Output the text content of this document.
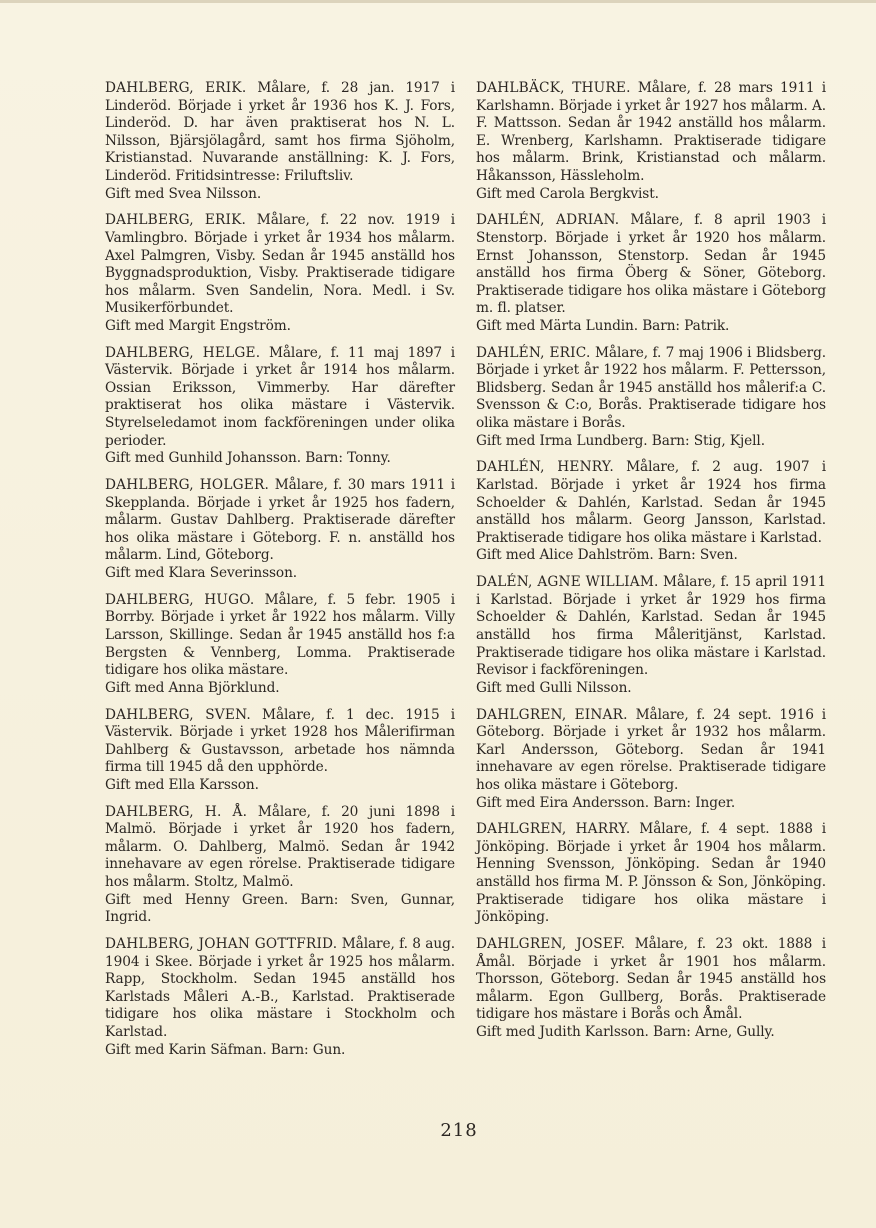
DAHLBERG, ERIK. Målare, f. 28 jan. 1917 i Linderöd. Började i yrket år 1936 hos K. J. Fors, Linderöd. D. har även praktiserat hos N. L. Nilsson, Bjärsjölagård, samt hos firma Sjöholm, Kristianstad. Nuvarande anställning: K. J. Fors, Linderöd. Fritidsintresse: Friluftsliv.

Gift med Svea Nilsson.

DAHLBERG, ERIK. Målare, f. 22 nov. 1919 i Vamlingbro. Började i yrket år 1934 hos målarm. Axel Palmgren, Visby. Sedan år 1945 anställd hos Byggnadsproduktion, Visby. Praktiserade tidigare hos målarm. Sven Sandelin, Nora. Medl. i Sv. Musikerförbundet.

Gift med Margit Engström.

DAHLBERG, HELGE. Målare, f. 11 maj 1897 i Västervik. Började i yrket år 1914 hos målarm. Ossian Eriksson, Vimmerby. Har därefter praktiserat hos olika mästare i Västervik. Styrelseledamot inom fackföreningen under olika perioder.

Gift med Gunhild Johansson. Barn: Tonny.

DAHLBERG, HOLGER. Målare, f. 30 mars 1911 i Skepplanda. Började i yrket år 1925 hos fadern, målarm. Gustav Dahlberg. Praktiserade därefter hos olika mästare i Göteborg. F. n. anställd hos målarm. Lind, Göteborg.

Gift med Klara Severinsson.

DAHLBERG, HUGO. Målare, f. 5 febr. 1905 i Borrby. Började i yrket år 1922 hos målarm. Villy Larsson, Skillinge. Sedan år 1945 anställd hos f:a Bergsten & Vennberg, Lomma. Praktiserade tidigare hos olika mästare.

Gift med Anna Björklund.

DAHLBERG, SVEN. Målare, f. 1 dec. 1915 i Västervik. Började i yrket 1928 hos Målerifirman Dahlberg & Gustavsson, arbetade hos nämnda firma till 1945 då den upphörde.

Gift med Ella Karsson.

DAHLBERG, H. Å. Målare, f. 20 juni 1898 i Malmö. Började i yrket år 1920 hos fadern, målarm. O. Dahlberg, Malmö. Sedan år 1942 innehavare av egen rörelse. Praktiserade tidigare hos målarm. Stoltz, Malmö.

Gift med Henny Green. Barn: Sven, Gunnar, Ingrid.

DAHLBERG, JOHAN GOTTFRID. Målare, f. 8 aug. 1904 i Skee. Började i yrket år 1925 hos målarm. Rapp, Stockholm. Sedan 1945 anställd hos Karlstads Måleri A.-B., Karlstad. Praktiserade tidigare hos olika mästare i Stockholm och Karlstad.

Gift med Karin Säfman. Barn: Gun.

DAHLBÄCK, THURE. Målare, f. 28 mars 1911 i Karlshamn. Började i yrket år 1927 hos målarm. A. F. Mattsson. Sedan år 1942 anställd hos målarm. E. Wrenberg, Karlshamn. Praktiserade tidigare hos målarm. Brink, Kristianstad och målarm. Håkansson, Hässleholm.

Gift med Carola Bergkvist.

DAHLÉN, ADRIAN. Målare, f. 8 april 1903 i Stenstorp. Började i yrket år 1920 hos målarm. Ernst Johansson, Stenstorp. Sedan år 1945 anställd hos firma Öberg & Söner, Göteborg. Praktiserade tidigare hos olika mästare i Göteborg m. fl. platser.

Gift med Märta Lundin. Barn: Patrik.

DAHLÉN, ERIC. Målare, f. 7 maj 1906 i Blidsberg. Började i yrket år 1922 hos målarm. F. Pettersson, Blidsberg. Sedan år 1945 anställd hos målerif:a C. Svensson & C:o, Borås. Praktiserade tidigare hos olika mästare i Borås.

Gift med Irma Lundberg. Barn: Stig, Kjell.

DAHLÉN, HENRY. Målare, f. 2 aug. 1907 i Karlstad. Började i yrket år 1924 hos firma Schoelder & Dahlén, Karlstad. Sedan år 1945 anställd hos målarm. Georg Jansson, Karlstad. Praktiserade tidigare hos olika mästare i Karlstad.

Gift med Alice Dahlström. Barn: Sven.

DALÉN, AGNE WILLIAM. Målare, f. 15 april 1911 i Karlstad. Började i yrket år 1929 hos firma Schoelder & Dahlén, Karlstad. Sedan år 1945 anställd hos firma Måleritjänst, Karlstad. Praktiserade tidigare hos olika mästare i Karlstad. Revisor i fackföreningen.

Gift med Gulli Nilsson.

DAHLGREN, EINAR. Målare, f. 24 sept. 1916 i Göteborg. Började i yrket år 1932 hos målarm. Karl Andersson, Göteborg. Sedan år 1941 innehavare av egen rörelse. Praktiserade tidigare hos olika mästare i Göteborg.

Gift med Eira Andersson. Barn: Inger.

DAHLGREN, HARRY. Målare, f. 4 sept. 1888 i Jönköping. Började i yrket år 1904 hos målarm. Henning Svensson, Jönköping. Sedan år 1940 anställd hos firma M. P. Jönsson & Son, Jönköping. Praktiserade tidigare hos olika mästare i Jönköping.

DAHLGREN, JOSEF. Målare, f. 23 okt. 1888 i Åmål. Började i yrket år 1901 hos målarm. Thorsson, Göteborg. Sedan år 1945 anställd hos målarm. Egon Gullberg, Borås. Praktiserade tidigare hos mästare i Borås och Åmål.

Gift med Judith Karlsson. Barn: Arne, Gully.

218
